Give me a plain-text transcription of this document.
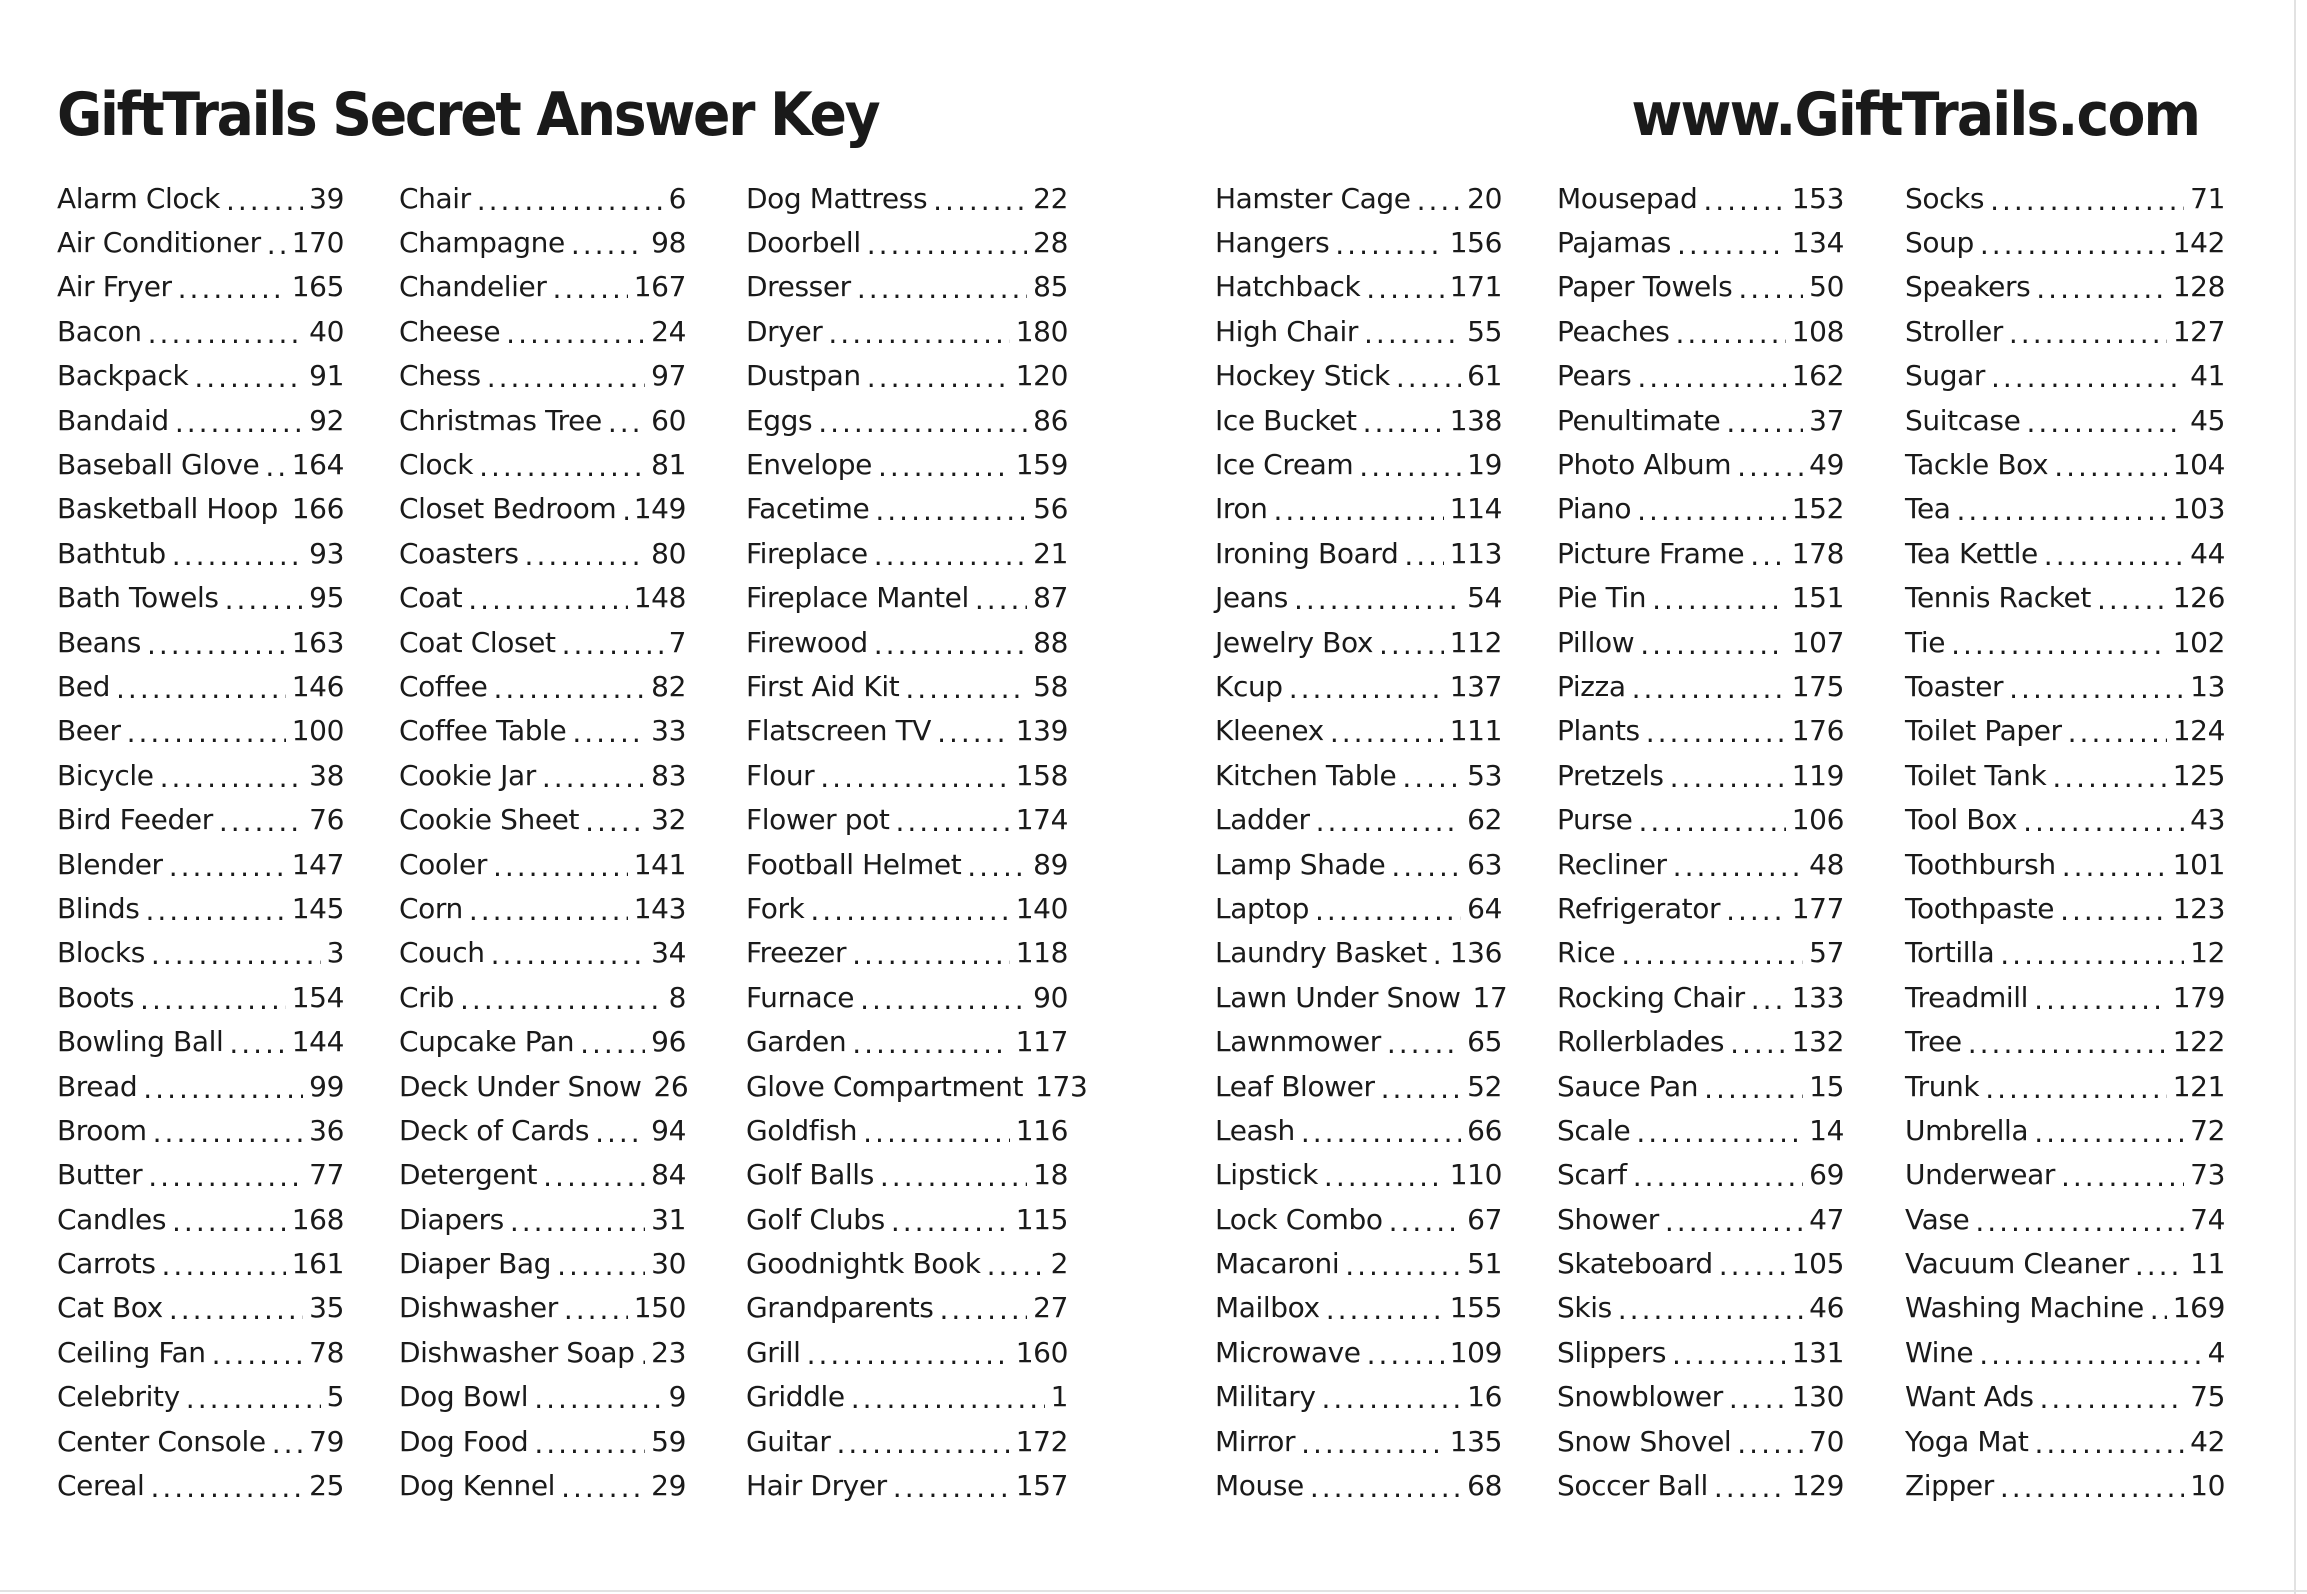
GiftTrails Secret Answer Key	www.GiftTrails.com
Alarm Clock .....	39
Air Conditioner ..... 170
Air Fryer .....	165
Bacon .....	40
Backpack .....	91
Bandaid .....	92
Baseball Glove ..... 164
Basketball Hoop ..... 166
Bathtub .....	93
Bath Towels .....	95
Beans .....	163
Bed .....	146
Beer .....	100
Bicycle .....	38
Bird Feeder .....	76
Blender .....	147
Blinds .....	145
Blocks .....	3
Boots .....	154
Bowling Ball ..... 144
Bread .....	99
Broom .....	36
Butter .....	77
Candles .....	168
Carrots .....	161
Cat Box .....	35
Ceiling Fan .....	78
Celebrity .....	5
Center Console ..... 79
Cereal .....	25
Chair .....	6
Champagne .....	98
Chandelier .....	167
Cheese .....	24
Chess .....	97
Christmas Tree ..... 60
Clock .....	81
Closet Bedroom ..... 149
Coasters .....	80
Coat .....	148
Coat Closet .....	7
Coffee .....	82
Coffee Table .....	33
Cookie Jar .....	83
Cookie Sheet .....	32
Cooler .....	141
Corn .....	143
Couch .....	34
Crib .....	8
Cupcake Pan .....	96
Deck Under Snow 26
Deck of Cards ..... 94
Detergent .....	84
Diapers .....	31
Diaper Bag .....	30
Dishwasher .....	150
Dishwasher Soap ..... 23
Dog Bowl .....	9
Dog Food .....	59
Dog Kennel .....	29
Dog Mattress .....	22
Doorbell .....	28
Dresser .....	85
Dryer .....	180
Dustpan .....	120
Eggs .....	86
Envelope .....	159
Facetime .....	56
Fireplace .....	21
Fireplace Mantel ..... 87
Firewood .....	88
First Aid Kit .....	58
Flatscreen TV .....	139
Flour .....	158
Flower pot .....	174
Football Helmet .....	89
Fork .....	140
Freezer .....	118
Furnace .....	90
Garden .....	117
Glove Compartment 173
Goldfish .....	116
Golf Balls .....	18
Golf Clubs .....	115
Goodnightk Book .....	2
Grandparents .....	27
Grill .....	160
Griddle .....	1
Guitar .....	172
Hair Dryer .....	157
Hamster Cage ..... 20
Hangers .....	156
Hatchback .....	171
High Chair .....	55
Hockey Stick .....	61
Ice Bucket .....	138
Ice Cream .....	19
Iron .....	114
Ironing Board ..... 113
Jeans .....	54
Jewelry Box .....	112
Kcup .....	137
Kleenex .....	111
Kitchen Table .....	53
Ladder .....	62
Lamp Shade .....	63
Laptop .....	64
Laundry Basket ..... 136
Lawn Under Snow 17
Lawnmower .....	65
Leaf Blower .....	52
Leash .....	66
Lipstick .....	110
Lock Combo .....	67
Macaroni .....	51
Mailbox .....	155
Microwave .....	109
Military .....	16
Mirror .....	135
Mouse .....	68
Mousepad .....	153
Pajamas .....	134
Paper Towels .....	50
Peaches .....	108
Pears .....	162
Penultimate .....	37
Photo Album .....	49
Piano .....	152
Picture Frame ..... 178
Pie Tin .....	151
Pillow .....	107
Pizza .....	175
Plants .....	176
Pretzels .....	119
Purse .....	106
Recliner .....	48
Refrigerator .....	177
Rice .....	57
Rocking Chair ..... 133
Rollerblades ..... 132
Sauce Pan .....	15
Scale .....	14
Scarf .....	69
Shower .....	47
Skateboard .....	105
Skis .....	46
Slippers .....	131
Snowblower ..... 130
Snow Shovel .....	70
Soccer Ball .....	129
Socks .....	71
Soup .....	142
Speakers .....	128
Stroller .....	127
Sugar .....	41
Suitcase .....	45
Tackle Box .....	104
Tea .....	103
Tea Kettle .....	44
Tennis Racket .....	126
Tie .....	102
Toaster .....	13
Toilet Paper .....	124
Toilet Tank .....	125
Tool Box .....	43
Toothbursh .....	101
Toothpaste .....	123
Tortilla .....	12
Treadmill .....	179
Tree .....	122
Trunk .....	121
Umbrella .....	72
Underwear .....	73
Vase .....	74
Vacuum Cleaner ..... 11
Washing Machine ..... 169
Wine .....	4
Want Ads .....	75
Yoga Mat .....	42
Zipper .....	10
